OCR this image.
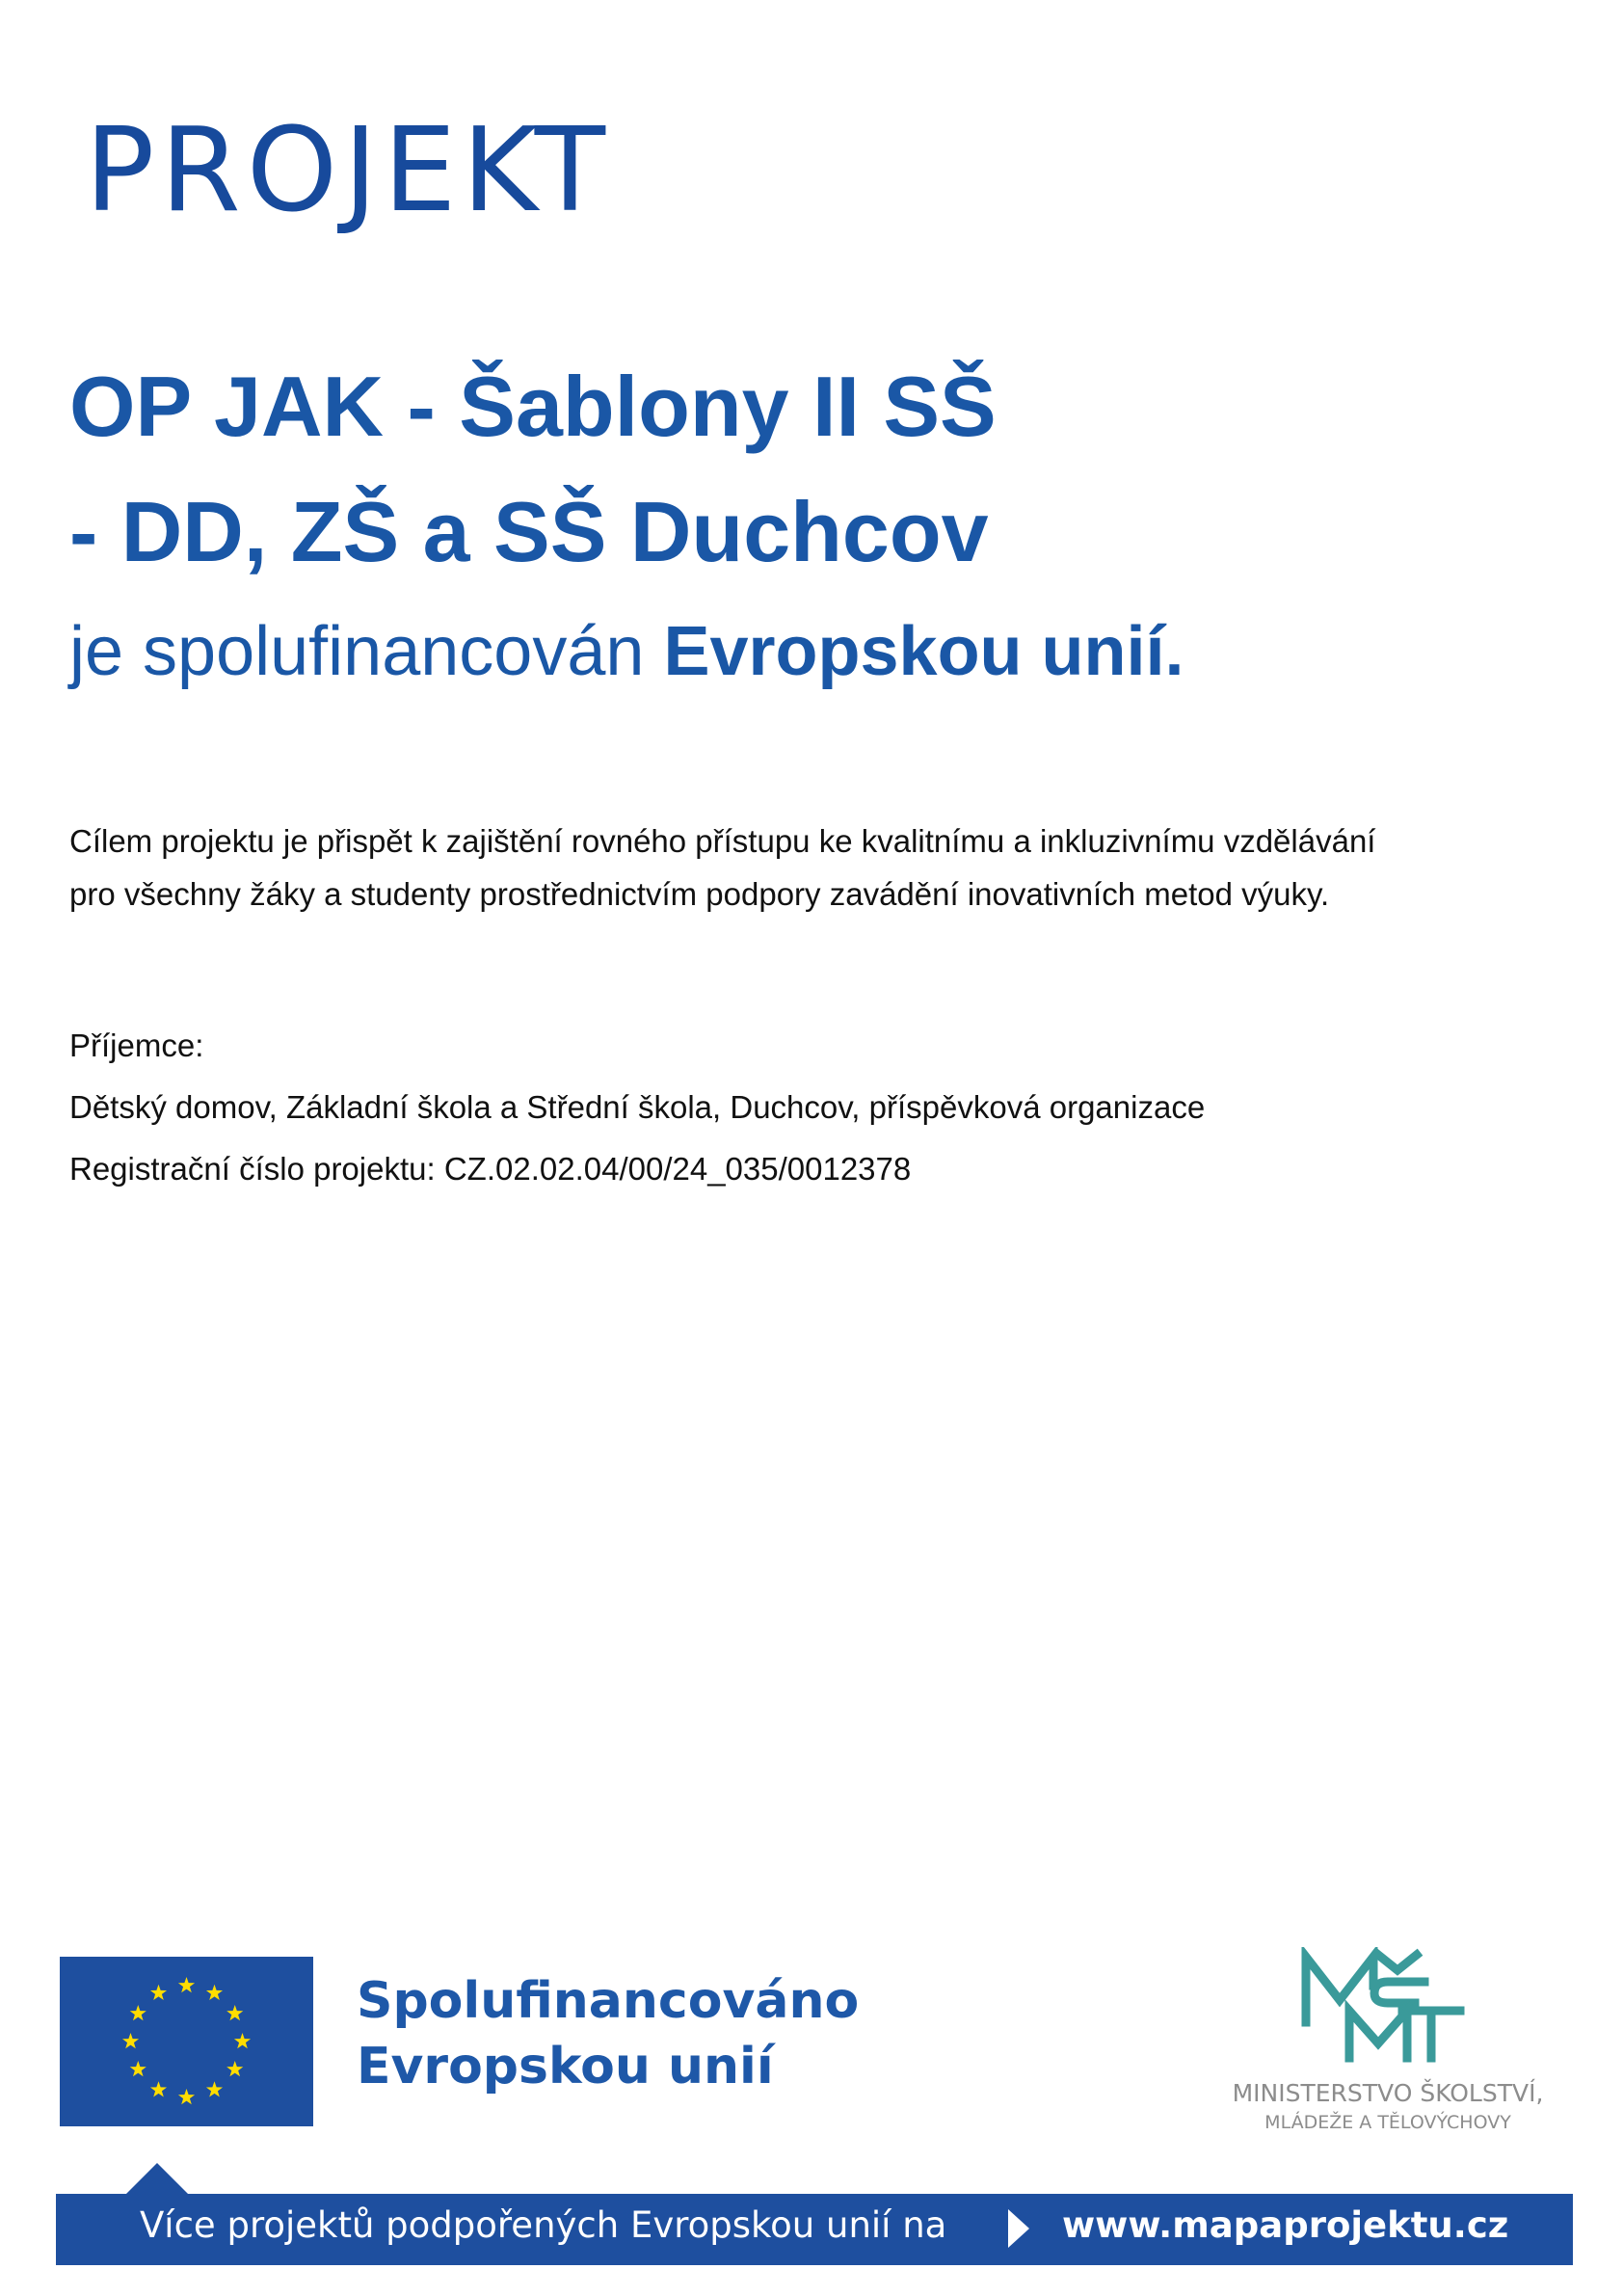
PROJEKT
OP JAK - Šablony II SŠ
- DD, ZŠ a SŠ Duchcov
je spolufinancován Evropskou unií.
Cílem projektu je přispět k zajištění rovného přístupu ke kvalitnímu a inkluzivnímu vzdělávání
pro všechny žáky a studenty prostřednictvím podpory zavádění inovativních metod výuky.
Příjemce:
Dětský domov, Základní škola a Střední škola, Duchcov, příspěvková organizace
Registrační číslo projektu: CZ.02.02.04/00/24_035/0012378
Spolufinancováno
Evropskou unií	MINISTERSTVO ŠKOLSTVÍ,
MLÁDEŽE A TĚLOVÝCHOVY
Více projektů podpořených Evropskou unií na	www.mapaprojektu.cz
